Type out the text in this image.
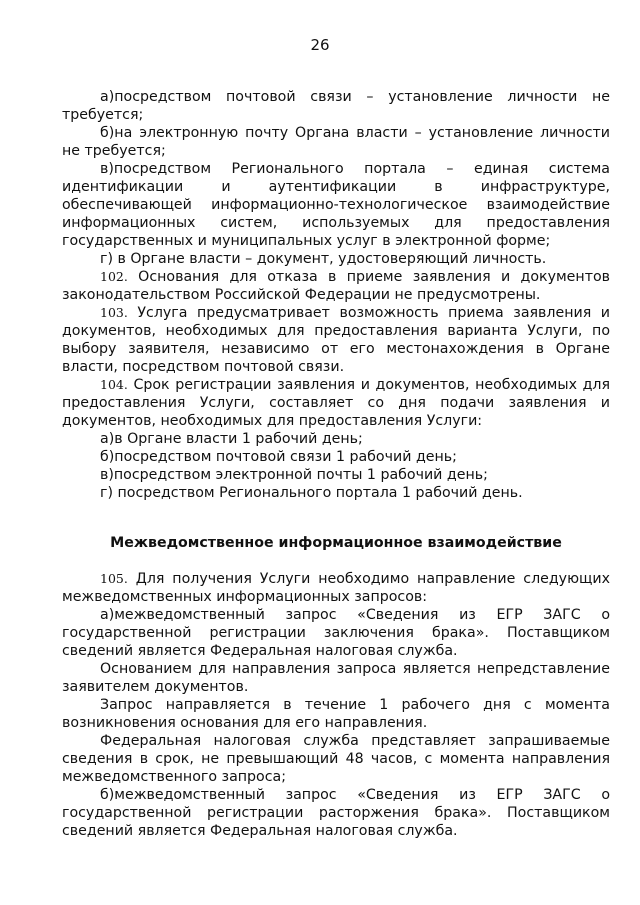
26

а)посредством почтовой связи – установление личности не требуется;

б)на электронную почту Органа власти – установление личности не требуется;

в)посредством Регионального портала – единая система идентификации и аутентификации в инфраструктуре, обеспечивающей информационно-технологическое взаимодействие информационных систем, используемых для предоставления государственных и муниципальных услуг в электронной форме;

г) в Органе власти – документ, удостоверяющий личность.

102. Основания для отказа в приеме заявления и документов законодательством Российской Федерации не предусмотрены.

103. Услуга предусматривает возможность приема заявления и документов, необходимых для предоставления варианта Услуги, по выбору заявителя, независимо от его местонахождения в Органе власти, посредством почтовой связи.

104. Срок регистрации заявления и документов, необходимых для предоставления Услуги, составляет со дня подачи заявления и документов, необходимых для предоставления Услуги:

а)в Органе власти 1 рабочий день;

б)посредством почтовой связи 1 рабочий день;

в)посредством электронной почты 1 рабочий день;

г) посредством Регионального портала 1 рабочий день.

Межведомственное информационное взаимодействие

105. Для получения Услуги необходимо направление следующих межведомственных информационных запросов:

а)межведомственный запрос «Сведения из ЕГР ЗАГС о государственной регистрации заключения брака». Поставщиком сведений является Федеральная налоговая служба.

Основанием для направления запроса является непредставление заявителем документов.

Запрос направляется в течение 1 рабочего дня с момента возникновения основания для его направления.

Федеральная налоговая служба представляет запрашиваемые сведения в срок, не превышающий 48 часов, с момента направления межведомственного запроса;

б)межведомственный запрос «Сведения из ЕГР ЗАГС о государственной регистрации расторжения брака». Поставщиком сведений является Федеральная налоговая служба.
